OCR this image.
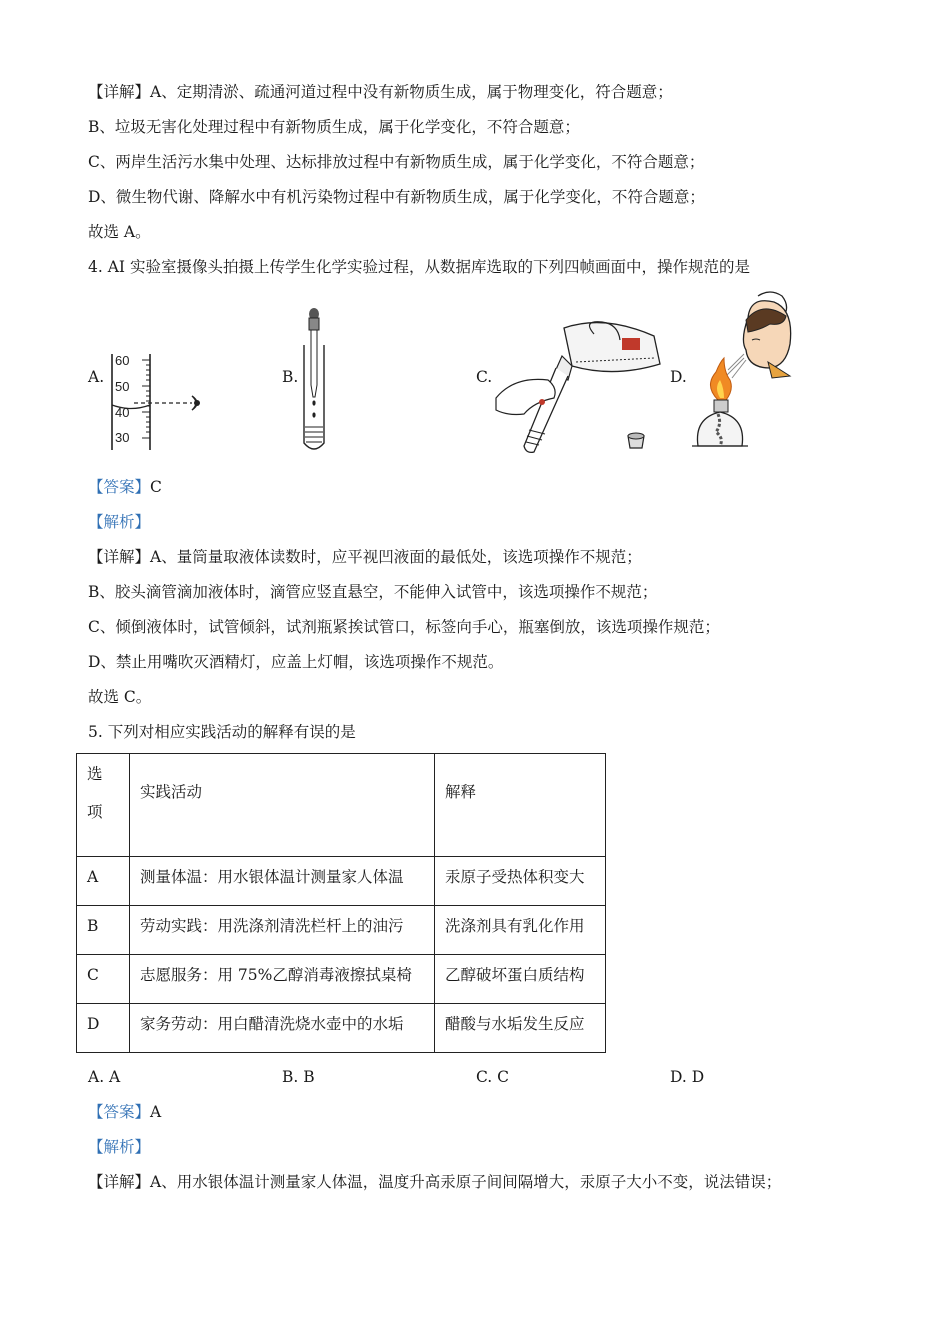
【详解】A、定期清淤、疏通河道过程中没有新物质生成，属于物理变化，符合题意；
B、垃圾无害化处理过程中有新物质生成，属于化学变化，不符合题意；
C、两岸生活污水集中处理、达标排放过程中有新物质生成，属于化学变化，不符合题意；
D、微生物代谢、降解水中有机污染物过程中有新物质生成，属于化学变化，不符合题意；
故选 A。
4. AI 实验室摄像头拍摄上传学生化学实验过程，从数据库选取的下列四帧画面中，操作规范的是
A.	B.	C.	D.
60
50
40
30
【答案】C
【解析】
【详解】A、量筒量取液体读数时，应平视凹液面的最低处，该选项操作不规范；
B、胶头滴管滴加液体时，滴管应竖直悬空，不能伸入试管中，该选项操作不规范；
C、倾倒液体时，试管倾斜，试剂瓶紧挨试管口，标签向手心，瓶塞倒放，该选项操作规范；
D、禁止用嘴吹灭酒精灯，应盖上灯帽，该选项操作不规范。
故选 C。
5. 下列对相应实践活动的解释有误的是
选
项	实践活动	解释
A	测量体温：用水银体温计测量家人体温	汞原子受热体积变大
B	劳动实践：用洗涤剂清洗栏杆上的油污	洗涤剂具有乳化作用
C	志愿服务：用 75%乙醇消毒液擦拭桌椅	乙醇破坏蛋白质结构
D	家务劳动：用白醋清洗烧水壶中的水垢	醋酸与水垢发生反应
A. A	B. B	C. C	D. D
【答案】A
【解析】
【详解】A、用水银体温计测量家人体温，温度升高汞原子间间隔增大，汞原子大小不变，说法错误；
